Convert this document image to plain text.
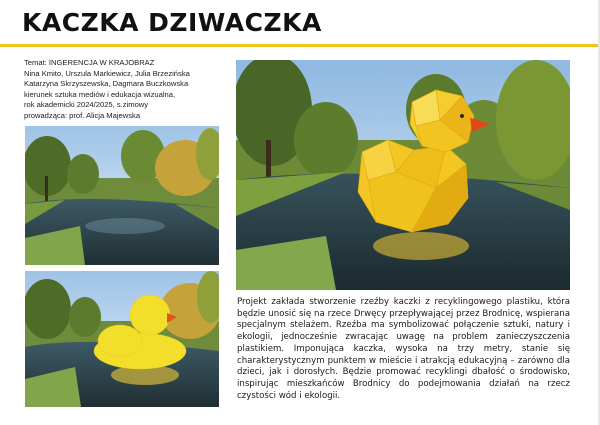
KACZKA DZIWACZKA
Temat: INGERENCJA W KRAJOBRAZ
Nina Kmito, Urszula Markiewicz, Julia Brzezińska
Katarzyna Skrzyszewska, Dagmara Buczkowska
kierunek sztuka mediów i edukacja wizualna,
rok akademicki 2024/2025, s.zimowy
prowadząca: prof. Alicja Majewska
Projekt zakłada stworzenie rzeźby kaczki z recyklingowego plastiku, która będzie unosić się na rzece Drwęcy przepływającej przez Brodnicę, wspierana specjalnym stelażem. Rzeźba ma symbolizować połączenie sztuki, natury i ekologii, jednocześnie zwracając uwagę na problem zanieczyszczenia plastikiem. Imponująca kaczka, wysoka na trzy metry, stanie się charakterystycznym punktem w mieście i atrakcją edukacyjną – zarówno dla dzieci, jak i dorosłych. Będzie promować recyklingi dbałość o środowisko, inspirując mieszkańców Brodnicy do podejmowania działań na rzecz czystości wód i ekologii.
